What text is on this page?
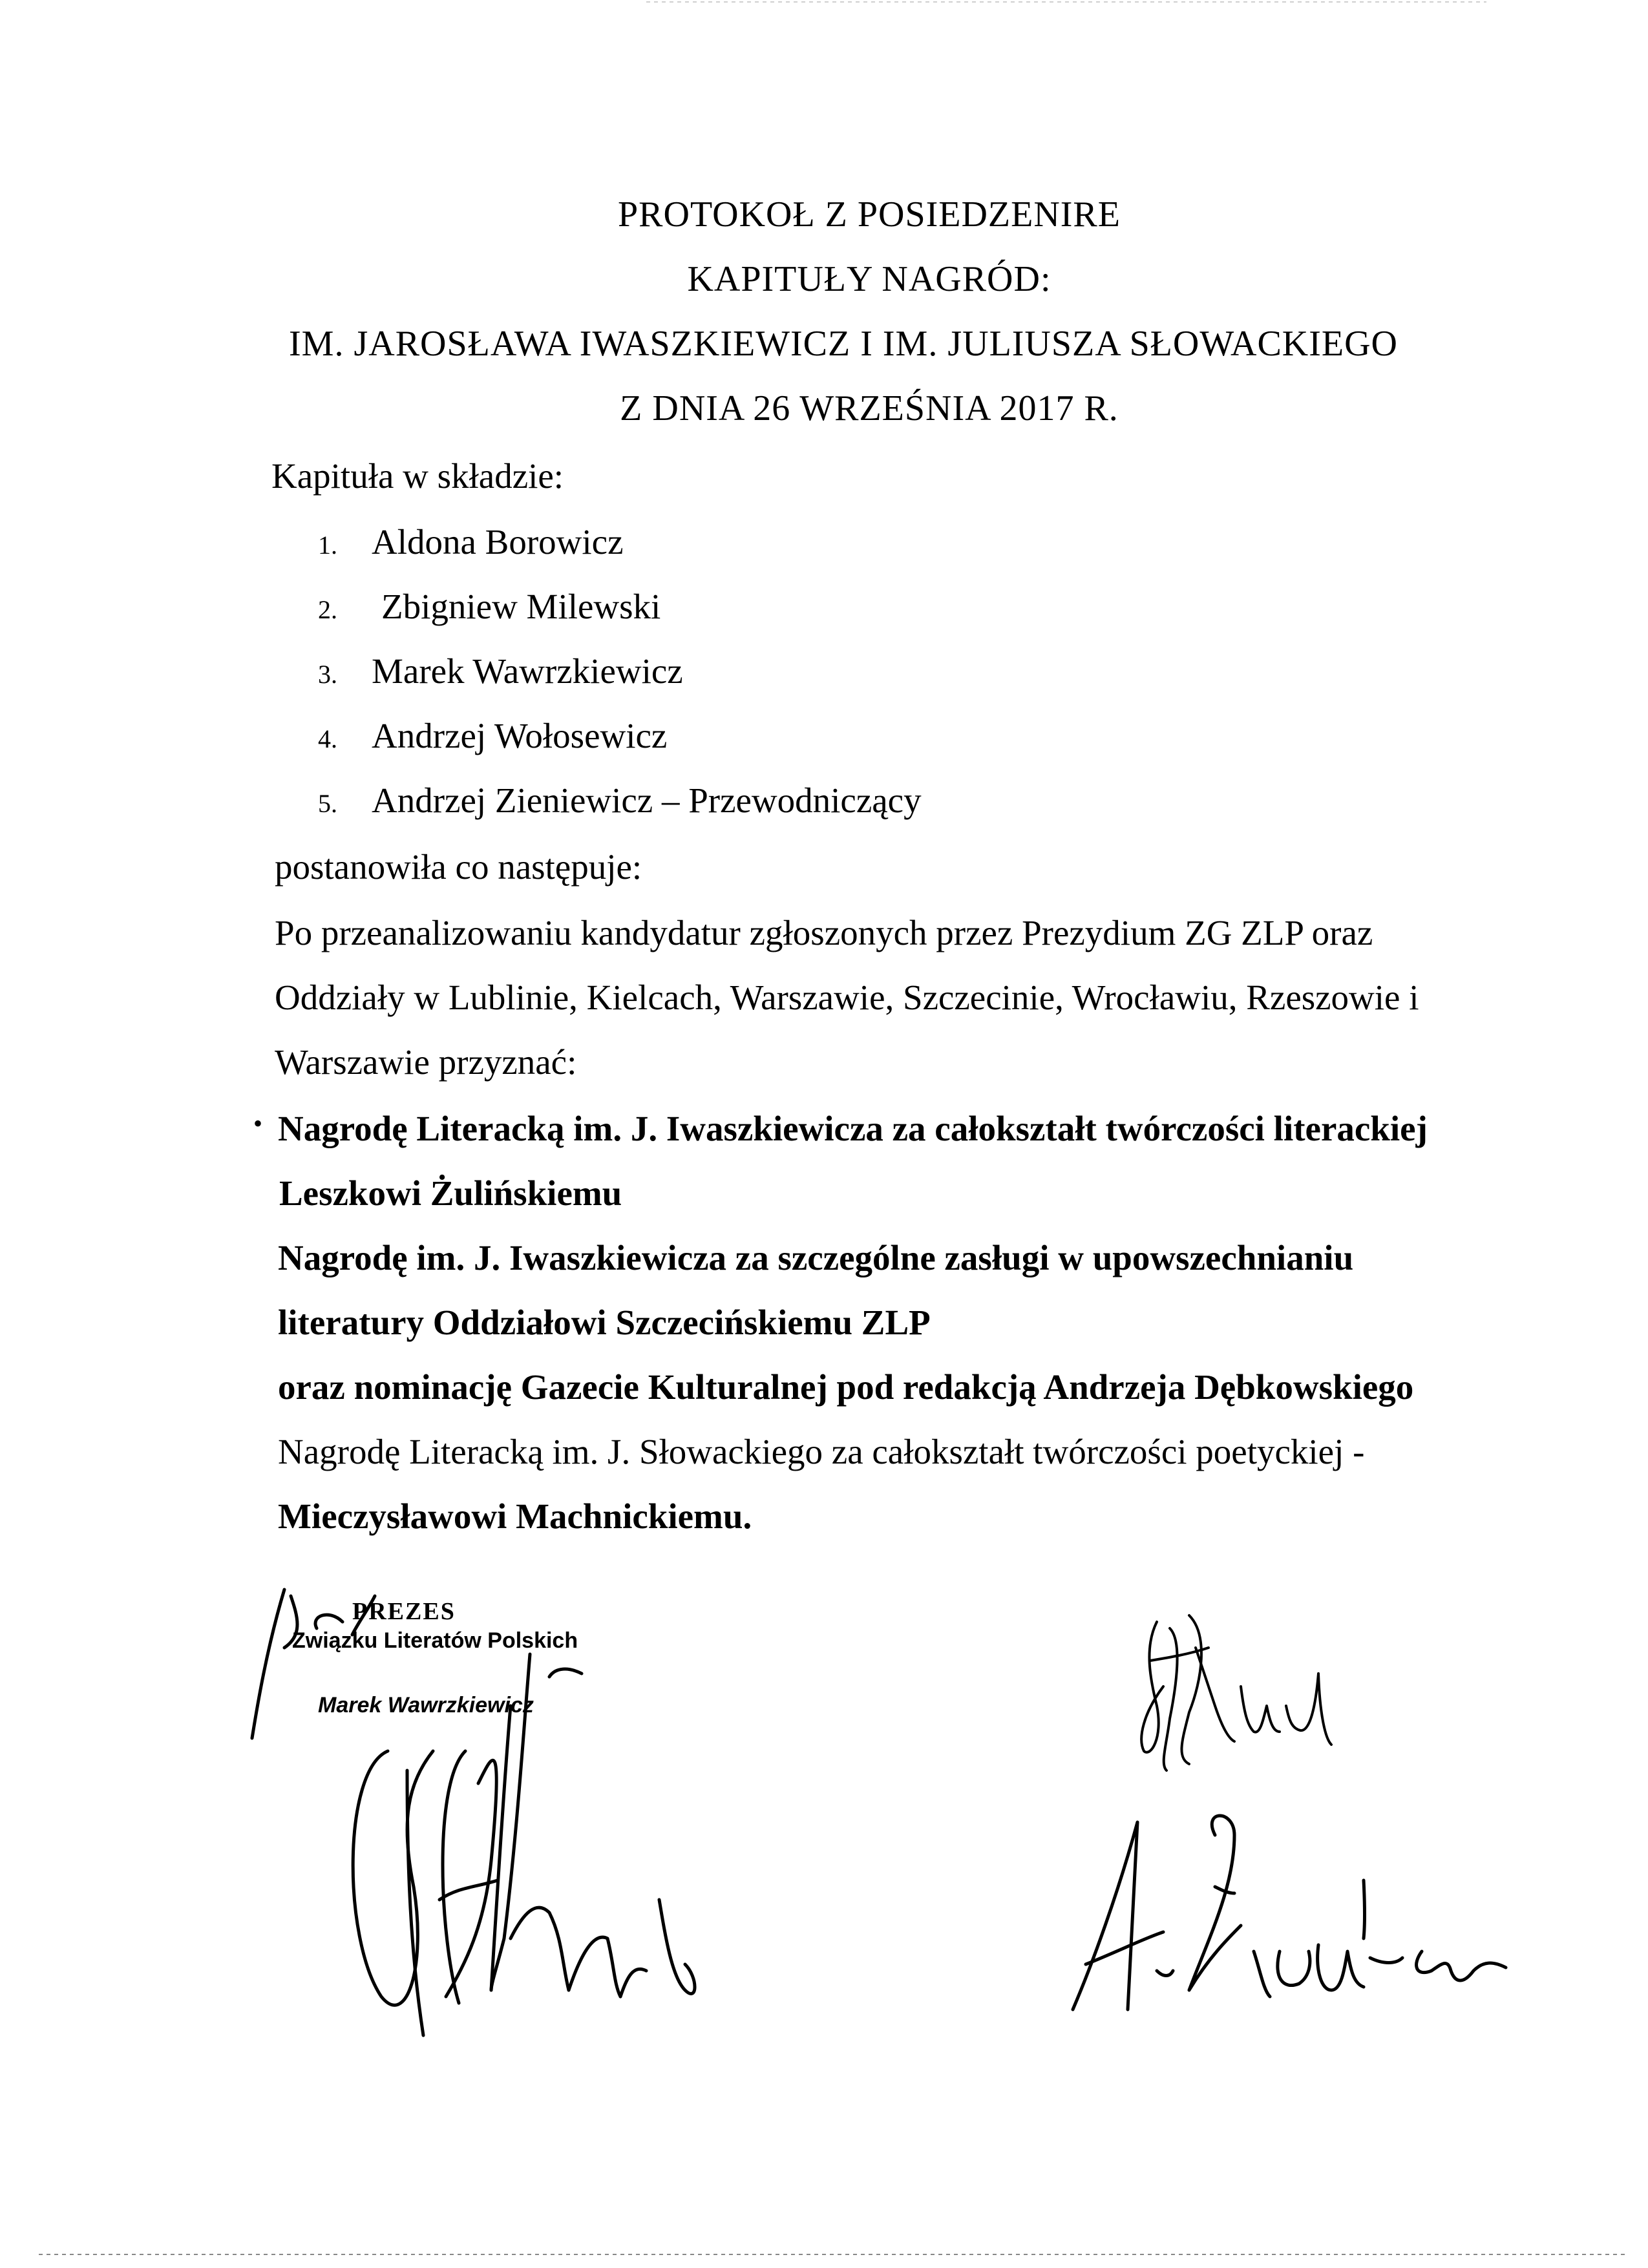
PROTOKOŁ Z POSIEDZENIRE
KAPITUŁY NAGRÓD:
IM. JAROSŁAWA IWASZKIEWICZ I IM. JULIUSZA SŁOWACKIEGO
Z DNIA 26 WRZEŚNIA 2017 R.
Kapituła w składzie:
1. Aldona Borowicz
2. Zbigniew Milewski
3. Marek Wawrzkiewicz
4. Andrzej Wołosewicz
5. Andrzej Zieniewicz – Przewodniczący
postanowiła co następuje:
Po przeanalizowaniu kandydatur zgłoszonych przez Prezydium ZG ZLP oraz
Oddziały w Lublinie, Kielcach, Warszawie, Szczecinie, Wrocławiu, Rzeszowie i
Warszawie przyznać:
• Nagrodę Literacką im. J. Iwaszkiewicza za całokształt twórczości literackiej
Leszkowi Żulińskiemu
Nagrodę im. J. Iwaszkiewicza za szczególne zasługi w upowszechnianiu
literatury Oddziałowi Szczecińskiemu ZLP
oraz nominację Gazecie Kulturalnej pod redakcją Andrzeja Dębkowskiego
Nagrodę Literacką im. J. Słowackiego za całokształt twórczości poetyckiej -
Mieczysławowi Machnickiemu.
PREZES
Związku Literatów Polskich
Marek Wawrzkiewicz
